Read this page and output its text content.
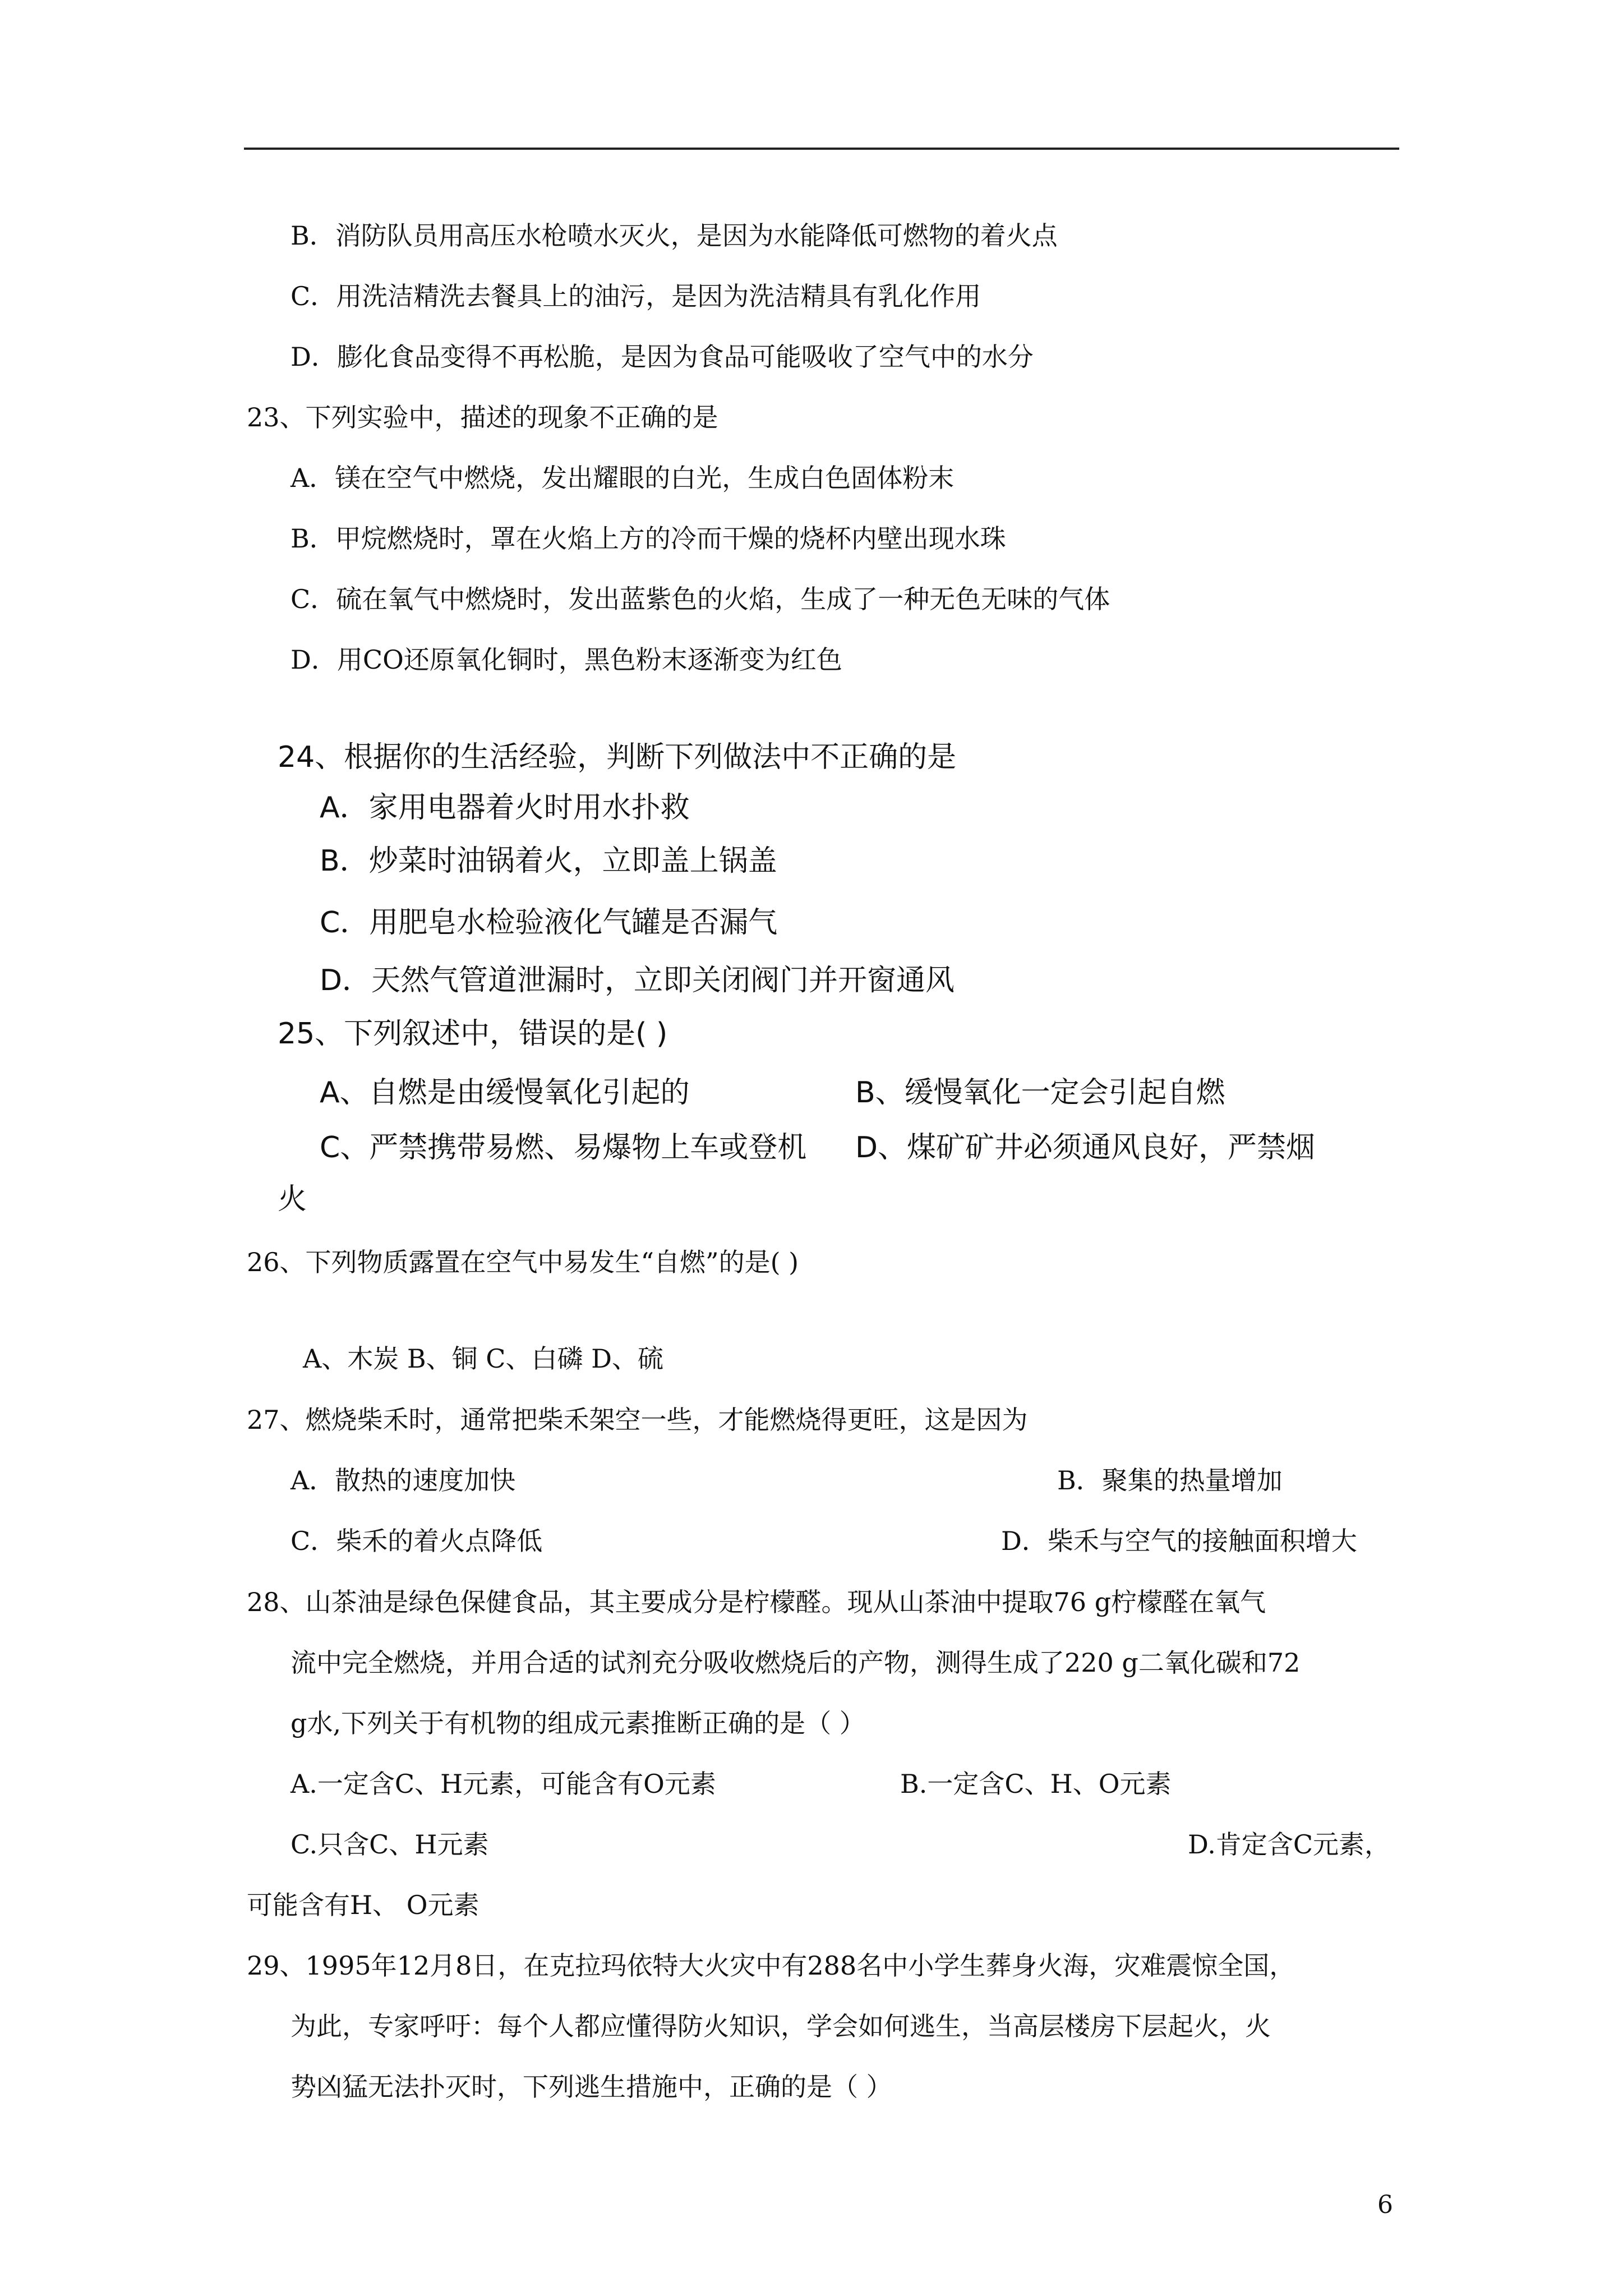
B．消防队员用高压水枪喷水灭火，是因为水能降低可燃物的着火点
C．用洗洁精洗去餐具上的油污，是因为洗洁精具有乳化作用
D．膨化食品变得不再松脆，是因为食品可能吸收了空气中的水分
23、下列实验中，描述的现象不正确的是
A．镁在空气中燃烧，发出耀眼的白光，生成白色固体粉末
B．甲烷燃烧时，罩在火焰上方的冷而干燥的烧杯内壁出现水珠
C．硫在氧气中燃烧时，发出蓝紫色的火焰，生成了一种无色无味的气体
D．用CO还原氧化铜时，黑色粉末逐渐变为红色
24、根据你的生活经验，判断下列做法中不正确的是
A．家用电器着火时用水扑救
B．炒菜时油锅着火，立即盖上锅盖
C．用肥皂水检验液化气罐是否漏气
D．天然气管道泄漏时，立即关闭阀门并开窗通风
25、下列叙述中，错误的是( )
A、自燃是由缓慢氧化引起的	B、缓慢氧化一定会引起自燃
C、严禁携带易燃、易爆物上车或登机 D、煤矿矿井必须通风良好，严禁烟
火
26、下列物质露置在空气中易发生“自燃”的是( )
A、木炭 B、铜 C、白磷 D、硫
27、燃烧柴禾时，通常把柴禾架空一些，才能燃烧得更旺，这是因为
A．散热的速度加快	B．聚集的热量增加
C．柴禾的着火点降低	D．柴禾与空气的接触面积增大
28、山茶油是绿色保健食品，其主要成分是柠檬醛。现从山茶油中提取76 g柠檬醛在氧气
流中完全燃烧，并用合适的试剂充分吸收燃烧后的产物，测得生成了220 g二氧化碳和72
g水,下列关于有机物的组成元素推断正确的是（ ）
A.一定含C、H元素，可能含有O元素	B.一定含C、H、O元素
C.只含C、H元素	D.肯定含C元素，
可能含有H、 O元素
29、1995年12月8日，在克拉玛依特大火灾中有288名中小学生葬身火海，灾难震惊全国，
为此，专家呼吁：每个人都应懂得防火知识，学会如何逃生，当高层楼房下层起火，火
势凶猛无法扑灭时，下列逃生措施中，正确的是（ ）
6
